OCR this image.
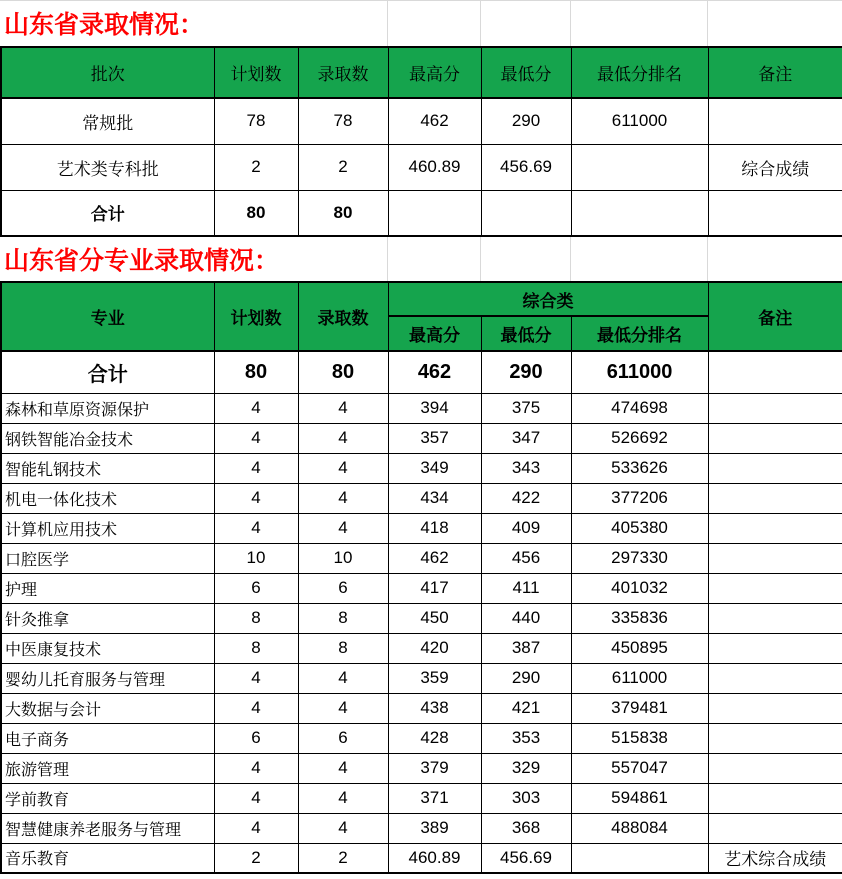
山东省录取情况：
批次	计划数	录取数	最高分	最低分	最低分排名	备注
常规批	78	78	462	290	611000	
艺术类专科批	2	2	460.89	456.69		综合成绩
合计	80	80				
山东省分专业录取情况：
专业	计划数	录取数	综合类			备注
			最高分	最低分	最低分排名	
合计	80	80	462	290	611000	
森林和草原资源保护	4	4	394	375	474698	
钢铁智能冶金技术	4	4	357	347	526692	
智能轧钢技术	4	4	349	343	533626	
机电一体化技术	4	4	434	422	377206	
计算机应用技术	4	4	418	409	405380	
口腔医学	10	10	462	456	297330	
护理	6	6	417	411	401032	
针灸推拿	8	8	450	440	335836	
中医康复技术	8	8	420	387	450895	
婴幼儿托育服务与管理	4	4	359	290	611000	
大数据与会计	4	4	438	421	379481	
电子商务	6	6	428	353	515838	
旅游管理	4	4	379	329	557047	
学前教育	4	4	371	303	594861	
智慧健康养老服务与管理	4	4	389	368	488084	
音乐教育	2	2	460.89	456.69		艺术综合成绩
